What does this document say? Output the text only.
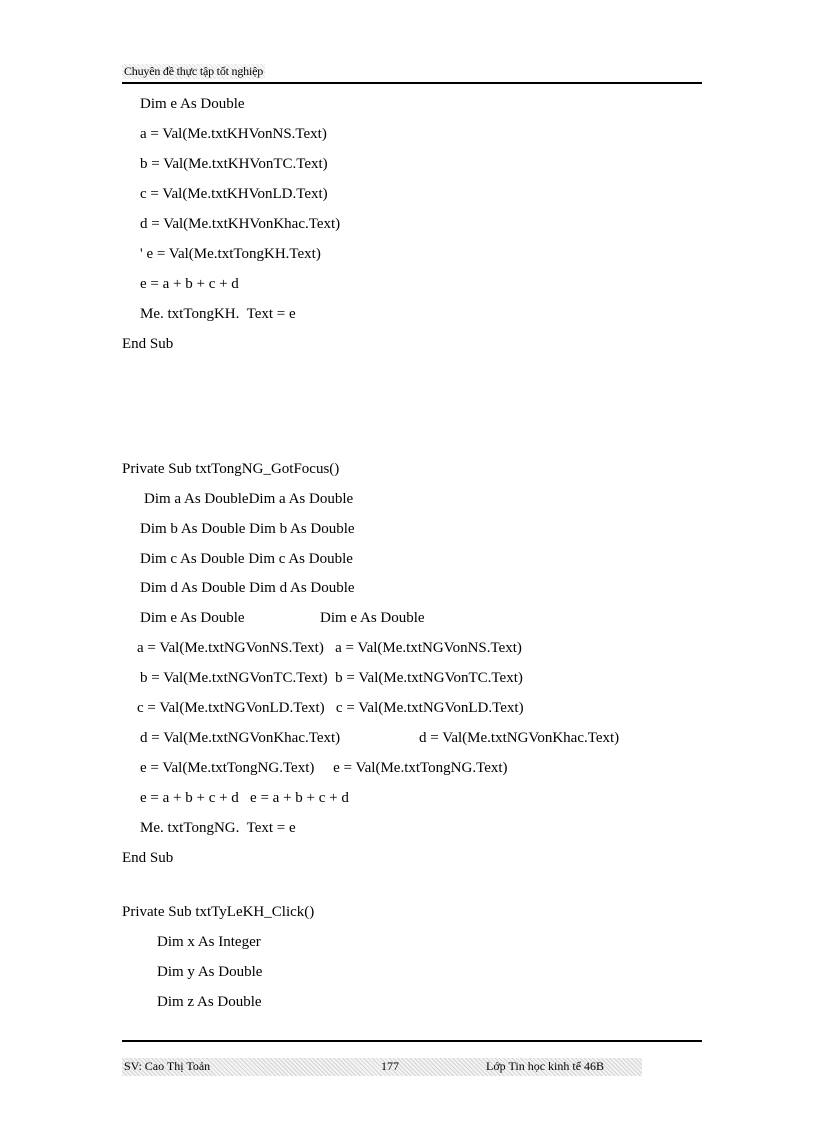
Chuyên đề thực tập tốt nghiệp
Dim e As Double
a = Val(Me.txtKHVonNS.Text)
b = Val(Me.txtKHVonTC.Text)
c = Val(Me.txtKHVonLD.Text)
d = Val(Me.txtKHVonKhac.Text)
' e = Val(Me.txtTongKH.Text)
e = a + b + c + d
Me. txtTongKH.  Text = e
End Sub
Private Sub txtTongNG_GotFocus()
Dim a As DoubleDim a As Double
Dim b As Double Dim b As Double
Dim c As Double Dim c As Double
Dim d As Double Dim d As Double
Dim e As Double	Dim e As Double
a = Val(Me.txtNGVonNS.Text)   a = Val(Me.txtNGVonNS.Text)
b = Val(Me.txtNGVonTC.Text)  b = Val(Me.txtNGVonTC.Text)
c = Val(Me.txtNGVonLD.Text)   c = Val(Me.txtNGVonLD.Text)
d = Val(Me.txtNGVonKhac.Text)	d = Val(Me.txtNGVonKhac.Text)
e = Val(Me.txtTongNG.Text)     e = Val(Me.txtTongNG.Text)
e = a + b + c + d   e = a + b + c + d
Me. txtTongNG.  Text = e
End Sub
Private Sub txtTyLeKH_Click()
Dim x As Integer
Dim y As Double
Dim z As Double
SV: Cao Thị Toản	177	Lớp Tin học kinh tế 46B
